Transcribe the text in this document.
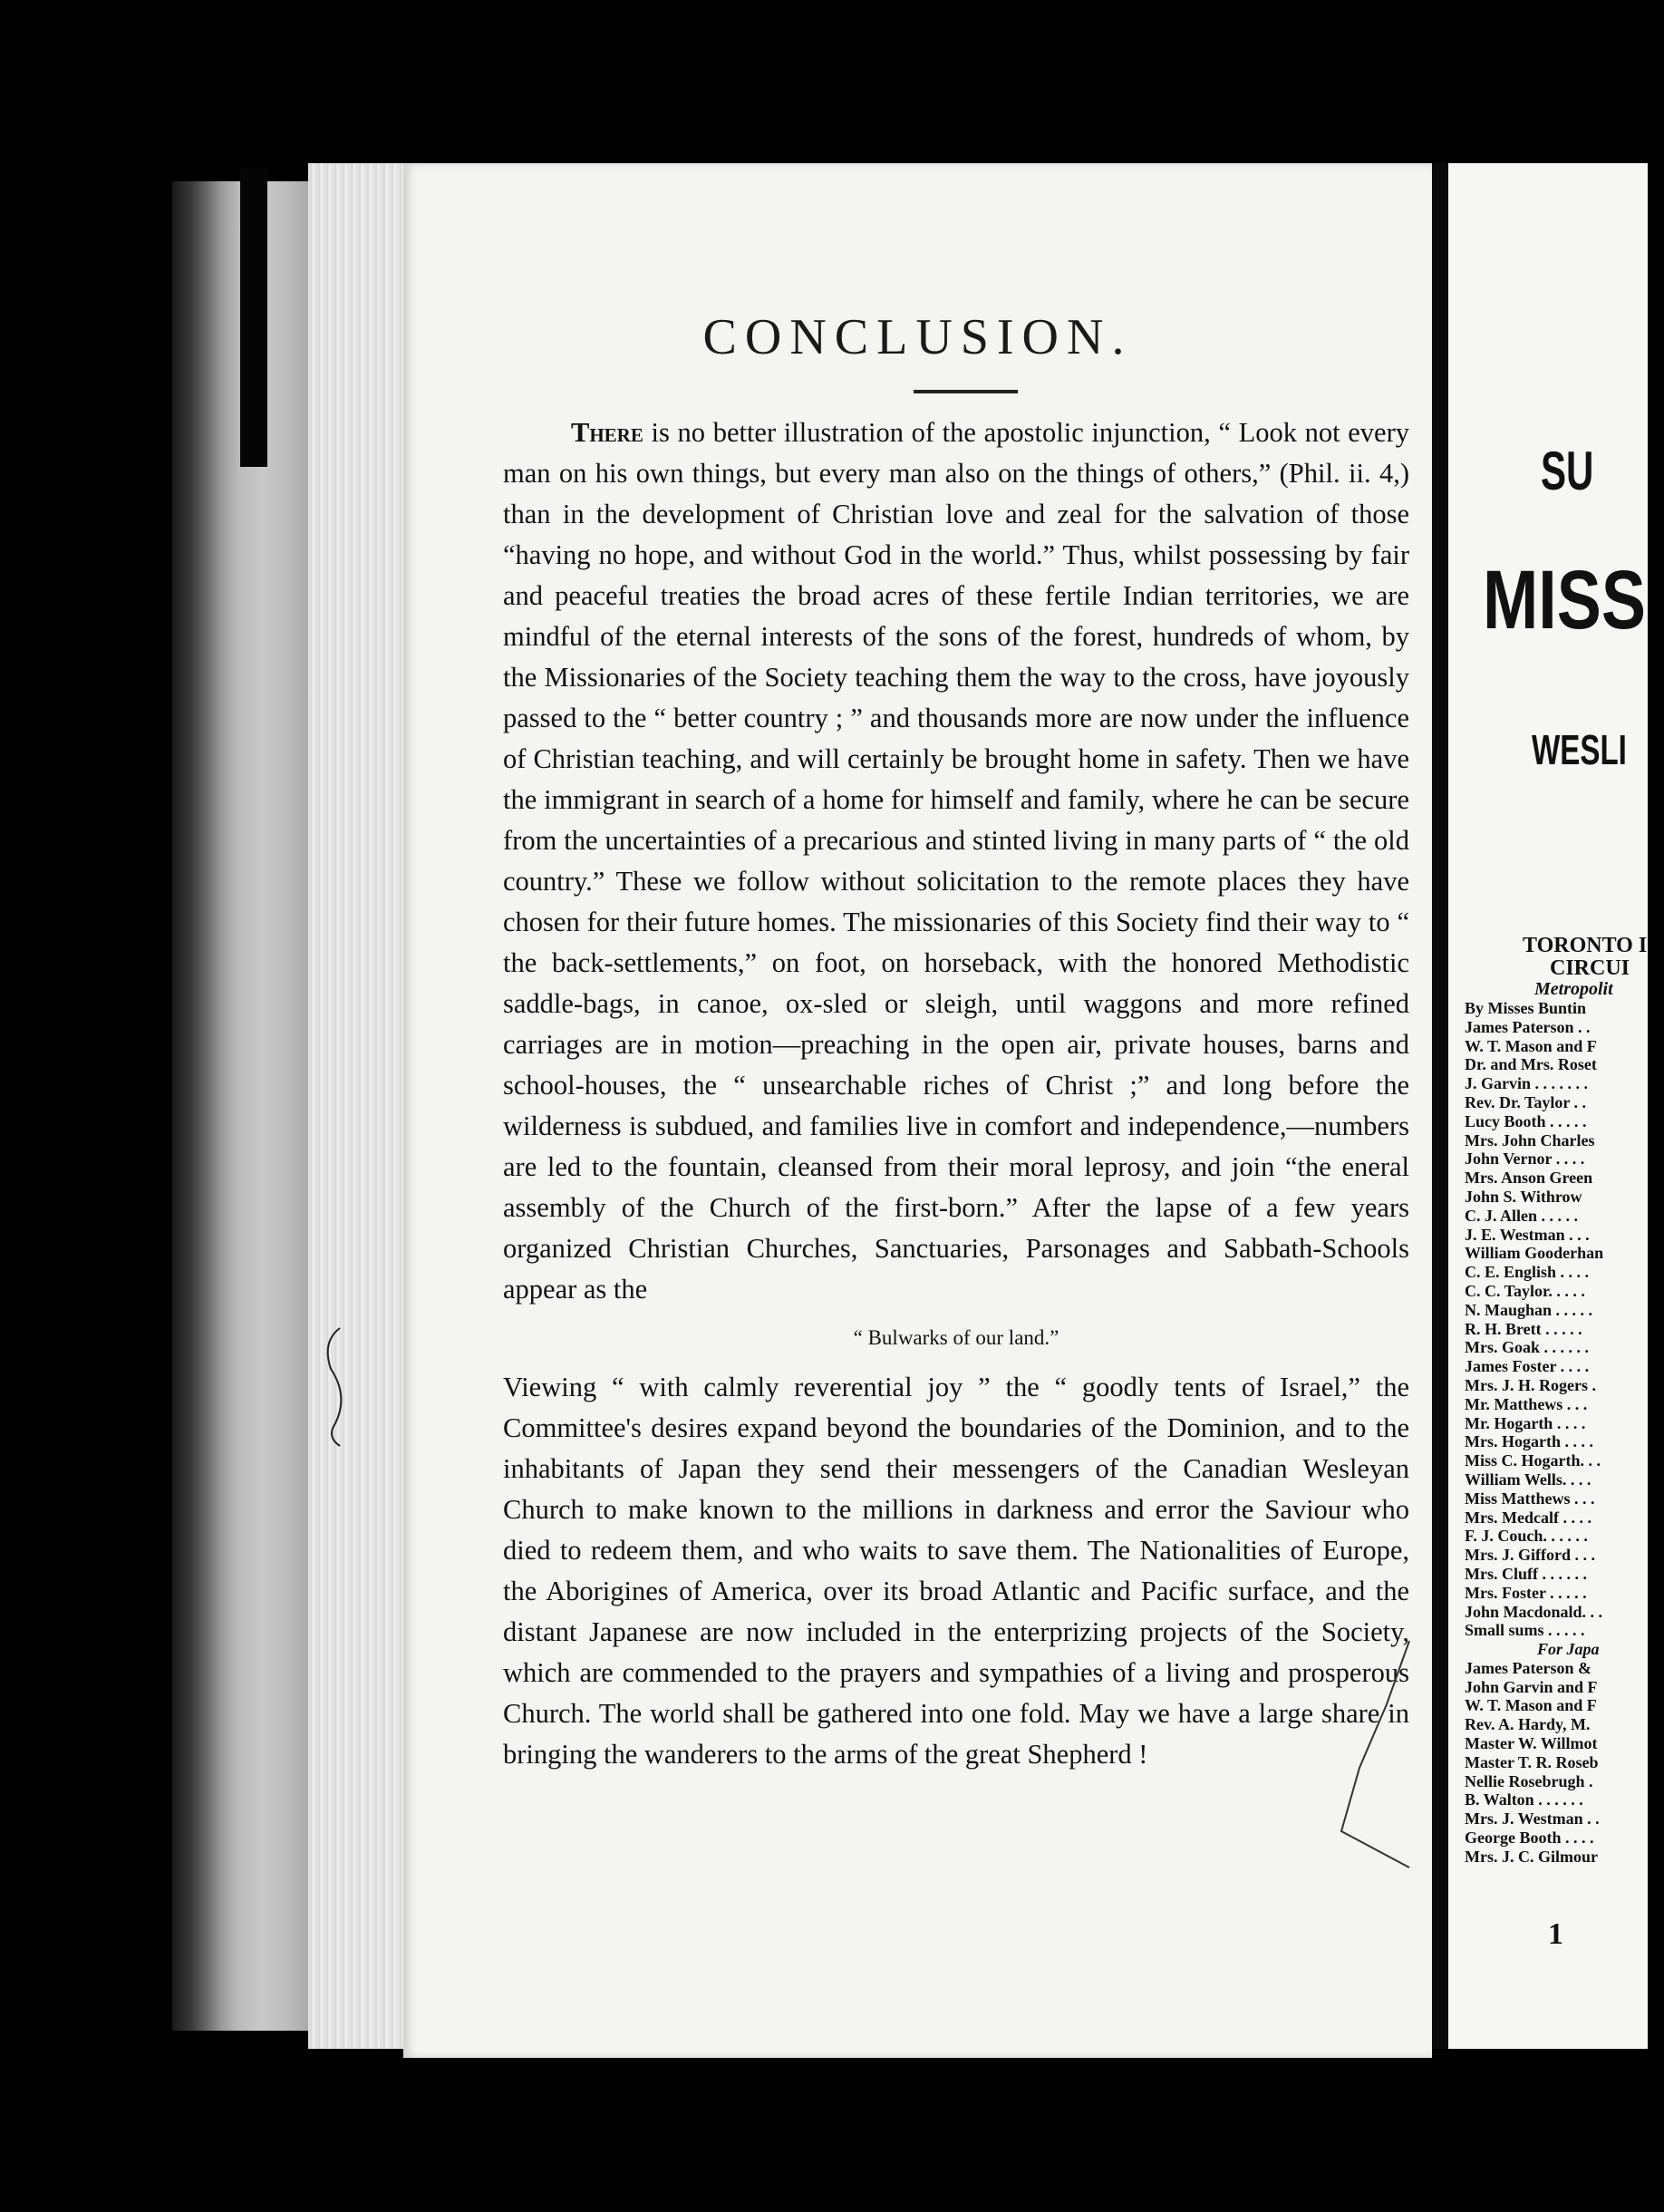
CONCLUSION.

There is no better illustration of the apostolic injunction, “ Look not every man on his own things, but every man also on the things of others,” (Phil. ii. 4,) than in the development of Christian love and zeal for the salvation of those “having no hope, and without God in the world.” Thus, whilst possessing by fair and peaceful treaties the broad acres of these fertile Indian territories, we are mindful of the eternal interests of the sons of the forest, hundreds of whom, by the Missionaries of the Society teaching them the way to the cross, have joyously passed to the “ better country ; ” and thousands more are now under the influence of Christian teaching, and will certainly be brought home in safety. Then we have the immigrant in search of a home for himself and family, where he can be secure from the uncertainties of a precarious and stinted living in many parts of “ the old country.” These we follow without solicitation to the remote places they have chosen for their future homes. The missionaries of this Society find their way to “ the back-settlements,” on foot, on horseback, with the honored Methodistic saddle-bags, in canoe, ox-sled or sleigh, until waggons and more refined carriages are in motion—preaching in the open air, private houses, barns and school-houses, the “ unsearchable riches of Christ ;” and long before the wilderness is subdued, and families live in comfort and independence,—numbers are led to the fountain, cleansed from their moral leprosy, and join “the eneral assembly of the Church of the first-born.” After the lapse of a few years organized Christian Churches, Sanctuaries, Parsonages and Sabbath-Schools appear as the

“ Bulwarks of our land.”

Viewing “ with calmly reverential joy ” the “ goodly tents of Israel,” the Committee's desires expand beyond the boundaries of the Dominion, and to the inhabitants of Japan they send their messengers of the Canadian Wesleyan Church to make known to the millions in darkness and error the Saviour who died to redeem them, and who waits to save them. The Nationalities of Europe, the Aborigines of America, over its broad Atlantic and Pacific surface, and the distant Japanese are now included in the enterprizing projects of the Society, which are commended to the prayers and sympathies of a living and prosperous Church. The world shall be gathered into one fold. May we have a large share in bringing the wanderers to the arms of the great Shepherd !

SU
MISS
WESLI
TORONTO I
CIRCUI
Metropolit
By Misses Buntin
James Paterson . .
W. T. Mason and F
Dr. and Mrs. Roset
J. Garvin . . . . . . .
Rev. Dr. Taylor . .
Lucy Booth . . . . .
Mrs. John Charles
John Vernor . . . .
Mrs. Anson Green
John S. Withrow
C. J. Allen . . . . .
J. E. Westman . . .
William Gooderhan
C. E. English . . . .
C. C. Taylor. . . . .
N. Maughan . . . . .
R. H. Brett . . . . .
Mrs. Goak . . . . . .
James Foster . . . .
Mrs. J. H. Rogers .
Mr. Matthews . . .
Mr. Hogarth . . . .
Mrs. Hogarth . . . .
Miss C. Hogarth. . .
William Wells. . . .
Miss Matthews . . .
Mrs. Medcalf . . . .
F. J. Couch. . . . . .
Mrs. J. Gifford . . .
Mrs. Cluff . . . . . .
Mrs. Foster . . . . .
John Macdonald. . .
Small sums . . . . .
For Japa
James Paterson &
John Garvin and F
W. T. Mason and F
Rev. A. Hardy, M.
Master W. Willmot
Master T. R. Roseb
Nellie Rosebrugh .
B. Walton . . . . . .
Mrs. J. Westman . .
George Booth . . . .
Mrs. J. C. Gilmour
1
